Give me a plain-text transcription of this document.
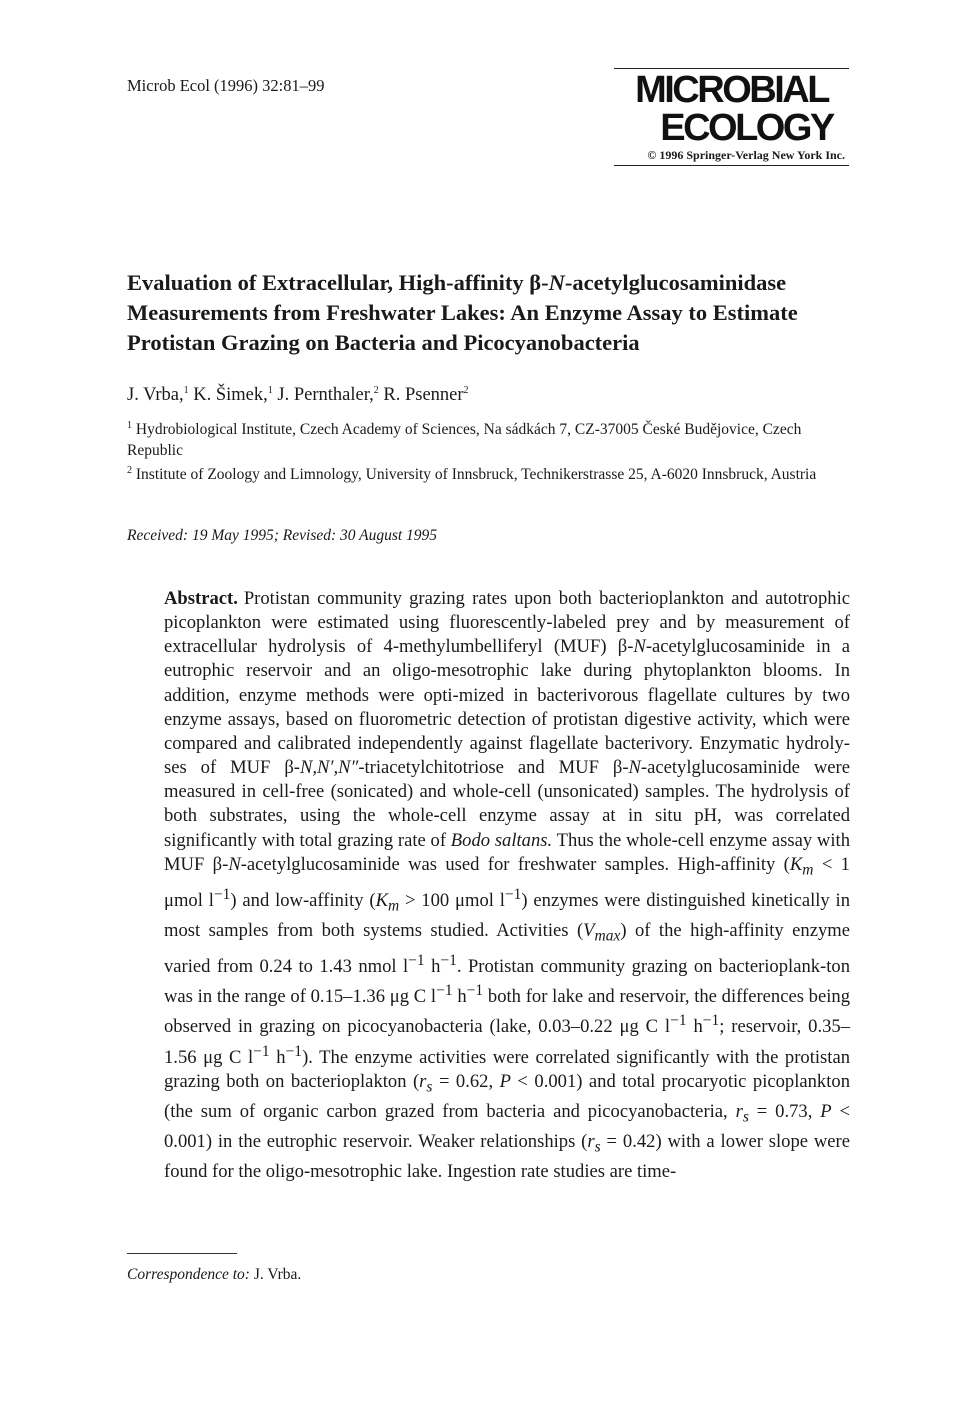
Microb Ecol (1996) 32:81–99	MICROBIAL
ECOLOGY
© 1996 Springer-Verlag New York Inc.
Evaluation of Extracellular, High-affinity β-N-acetylglucosaminidase Measurements from Freshwater Lakes: An Enzyme Assay to Estimate Protistan Grazing on Bacteria and Picocyanobacteria
J. Vrba,$^1$ K. Šimek,$^1$ J. Pernthaler,$^2$ R. Psenner$^2$
$^1$ Hydrobiological Institute, Czech Academy of Sciences, Na sádkách 7, CZ-37005 České Budějovice, Czech Republic
$^2$ Institute of Zoology and Limnology, University of Innsbruck, Technikerstrasse 25, A-6020 Innsbruck, Austria
Received: 19 May 1995; Revised: 30 August 1995

Abstract. Protistan community grazing rates upon both bacterioplankton and autotrophic picoplankton were estimated using fluorescently-labeled prey and by measurement of extracellular hydrolysis of 4-methylumbelliferyl (MUF) β-N-acetylglucosaminide in a eutrophic reservoir and an oligo-mesotrophic lake during phytoplankton blooms. In addition, enzyme methods were opti-mized in bacterivorous flagellate cultures by two enzyme assays, based on fluorometric detection of protistan digestive activity, which were compared and calibrated independently against flagellate bacterivory. Enzymatic hydroly-ses of MUF β-N,N′,N″-triacetylchitotriose and MUF β-N-acetylglucosaminide were measured in cell-free (sonicated) and whole-cell (unsonicated) samples. The hydrolysis of both substrates, using the whole-cell enzyme assay at in situ pH, was correlated significantly with total grazing rate of Bodo saltans. Thus the whole-cell enzyme assay with MUF β-N-acetylglucosaminide was used for freshwater samples. High-affinity ($K_m < 1$ μmol $l^{-1}$) and low-affinity ($K_m > 100$ μmol $l^{-1}$) enzymes were distinguished kinetically in most samples from both systems studied. Activities $(V_{max})$ of the high-affinity enzyme varied from 0.24 to 1.43 nmol $l^{-1}$ $h^{-1}$. Protistan community grazing on bacterioplank-ton was in the range of 0.15–1.36 μg C $l^{-1}$ $h^{-1}$ both for lake and reservoir, the differences being observed in grazing on picocyanobacteria (lake, 0.03–0.22 μg C $l^{-1}$ $h^{-1}$; reservoir, 0.35–1.56 μg C $l^{-1}$ $h^{-1}$). The enzyme activities were correlated significantly with the protistan grazing both on bacterioplakton ($r_s = 0.62$, P < 0.001) and total procaryotic picoplankton (the sum of organic carbon grazed from bacteria and picocyanobacteria, $r_s = 0.73$, P < 0.001) in the eutrophic reservoir. Weaker relationships $(r_s = 0.42)$ with a lower slope were found for the oligo-mesotrophic lake. Ingestion rate studies are time-

Correspondence to: J. Vrba.
